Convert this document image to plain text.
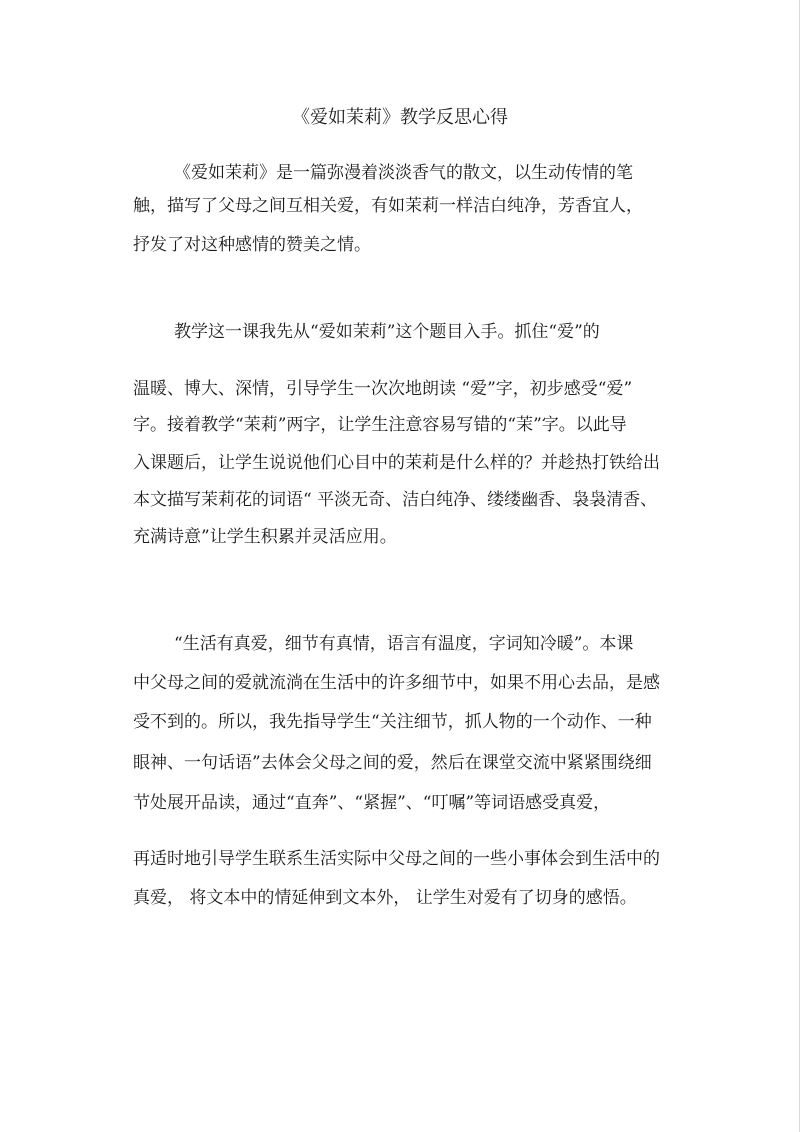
《爱如茉莉》教学反思心得
《爱如茉莉》是一篇弥漫着淡淡香气的散文，以生动传情的笔
触，描写了父母之间互相关爱，有如茉莉一样洁白纯净，芳香宜人，
抒发了对这种感情的赞美之情。
教学这一课我先从“爱如茉莉”这个题目入手。抓住“爱”的
温暖、博大、深情，引导学生一次次地朗读 “爱”字，初步感受“爱”
字。接着教学“茉莉”两字，让学生注意容易写错的“茉”字。以此导
入课题后，让学生说说他们心目中的茉莉是什么样的？并趁热打铁给出
本文描写茉莉花的词语“ 平淡无奇、洁白纯净、缕缕幽香、袅袅清香、
充满诗意”让学生积累并灵活应用。
“生活有真爱，细节有真情，语言有温度，字词知冷暖”。本课
中父母之间的爱就流淌在生活中的许多细节中，如果不用心去品，是感
受不到的。所以，我先指导学生“关注细节，抓人物的一个动作、一种
眼神、一句话语”去体会父母之间的爱，然后在课堂交流中紧紧围绕细
节处展开品读，通过“直奔”、“紧握”、“叮嘱”等词语感受真爱，
再适时地引导学生联系生活实际中父母之间的一些小事体会到生活中的
真爱， 将文本中的情延伸到文本外， 让学生对爱有了切身的感悟。
